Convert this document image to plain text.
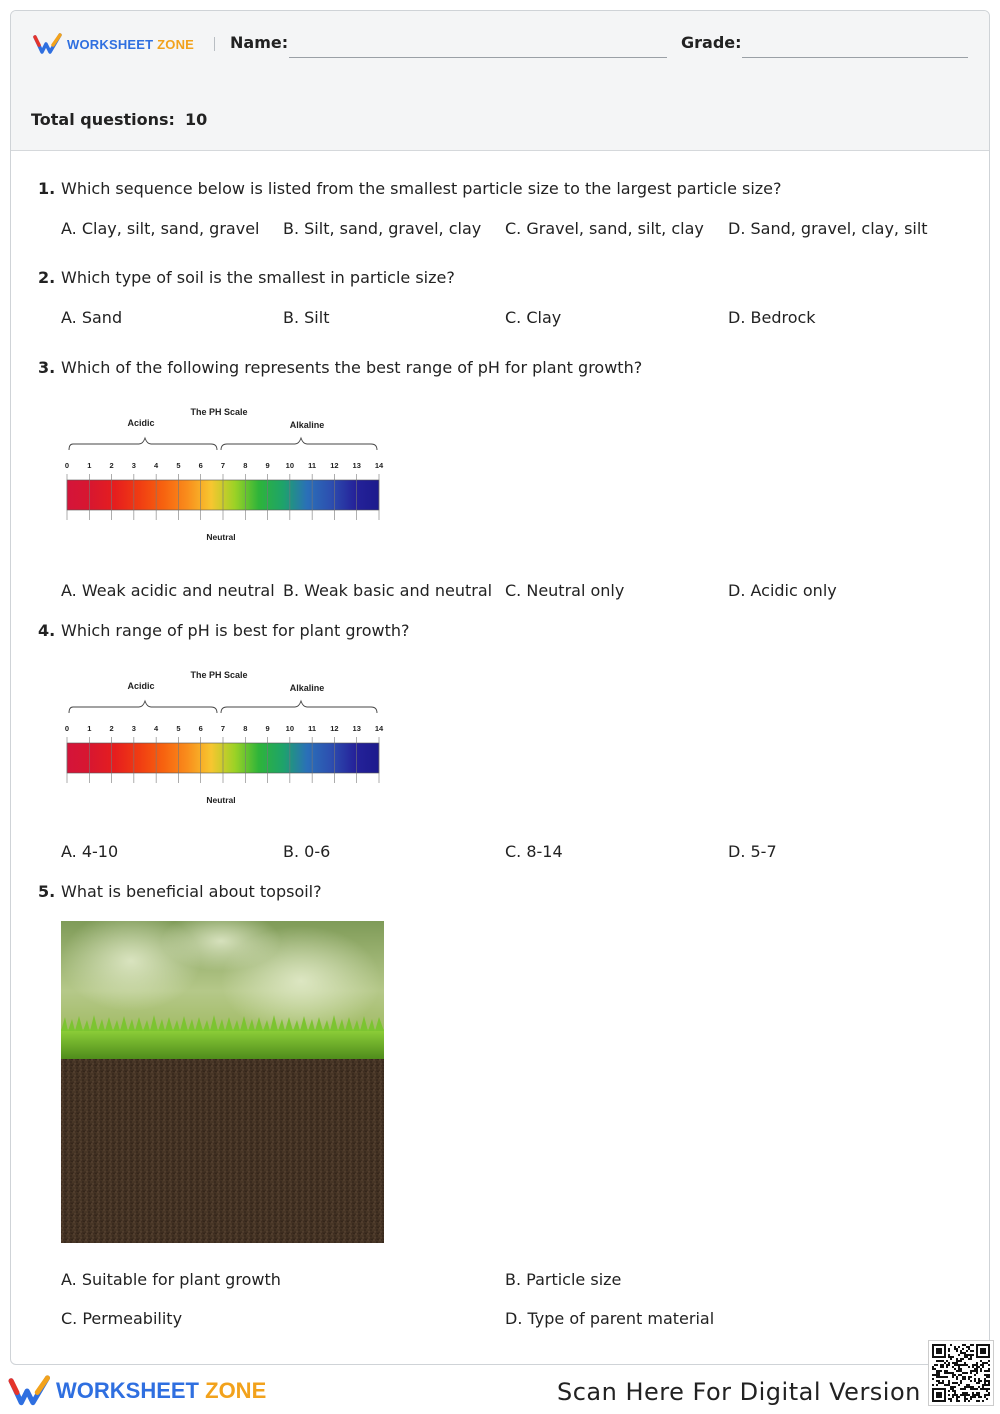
WORKSHEET ZONE Name:	Grade:
Total questions: 10
1. Which sequence below is listed from the smallest particle size to the largest particle size?
A. Clay, silt, sand, gravel B. Silt, sand, gravel, clay C. Gravel, sand, silt, clay D. Sand, gravel, clay, silt
2. Which type of soil is the smallest in particle size?
A. Sand	B. Silt	C. Clay	D. Bedrock
3. Which of the following represents the best range of pH for plant growth?
The PH Scale
Acidic	Alkaline
0 1 2 3 4 5 6 7 8 9 10 11 12 13 14
Neutral
A. Weak acidic and neutral B. Weak basic and neutral C. Neutral only	D. Acidic only
4. Which range of pH is best for plant growth?
The PH Scale
Acidic	Alkaline
0 1 2 3 4 5 6 7 8 9 10 11 12 13 14
Neutral
A. 4-10	B. 0-6	C. 8-14	D. 5-7
5. What is beneficial about topsoil?
A. Suitable for plant growth	B. Particle size
C. Permeability	D. Type of parent material
WORKSHEET ZONE	Scan Here For Digital Version
